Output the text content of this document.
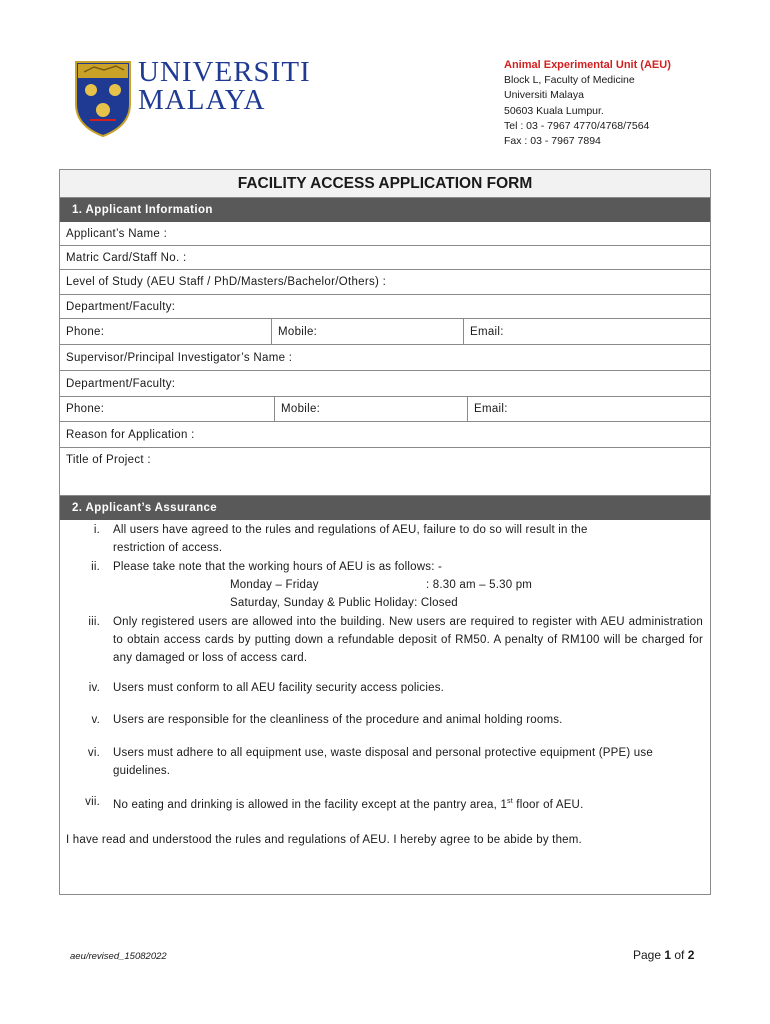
UNIVERSITI
MALAYA
Animal Experimental Unit (AEU)
Block L, Faculty of Medicine
Universiti Malaya
50603 Kuala Lumpur.
Tel : 03 - 7967 4770/4768/7564
Fax : 03 - 7967 7894
FACILITY ACCESS APPLICATION FORM
1. Applicant Information
Applicant’s Name :
Matric Card/Staff No. :
Level of Study (AEU Staff / PhD/Masters/Bachelor/Others) :
Department/Faculty:
Phone:	Mobile:	Email:
Supervisor/Principal Investigator’s Name :
Department/Faculty:
Phone:	Mobile:	Email:
Reason for Application :
Title of Project :
2. Applicant’s Assurance
i. All users have agreed to the rules and regulations of AEU, failure to do so will result in the
restriction of access.
ii. Please take note that the working hours of AEU is as follows: -
Monday – Friday	: 8.30 am – 5.30 pm
Saturday, Sunday & Public Holiday: Closed
iii. Only registered users are allowed into the building. New users are required to register with AEU administration to obtain access cards by putting down a refundable deposit of RM50. A penalty of RM100 will be charged for any damaged or loss of access card.
iv. Users must conform to all AEU facility security access policies.
v. Users are responsible for the cleanliness of the procedure and animal holding rooms.
vi. Users must adhere to all equipment use, waste disposal and personal protective equipment (PPE) use
guidelines.
vii. No eating and drinking is allowed in the facility except at the pantry area, 1st floor of AEU.
I have read and understood the rules and regulations of AEU. I hereby agree to be abide by them.
aeu/revised_15082022	Page 1 of 2
